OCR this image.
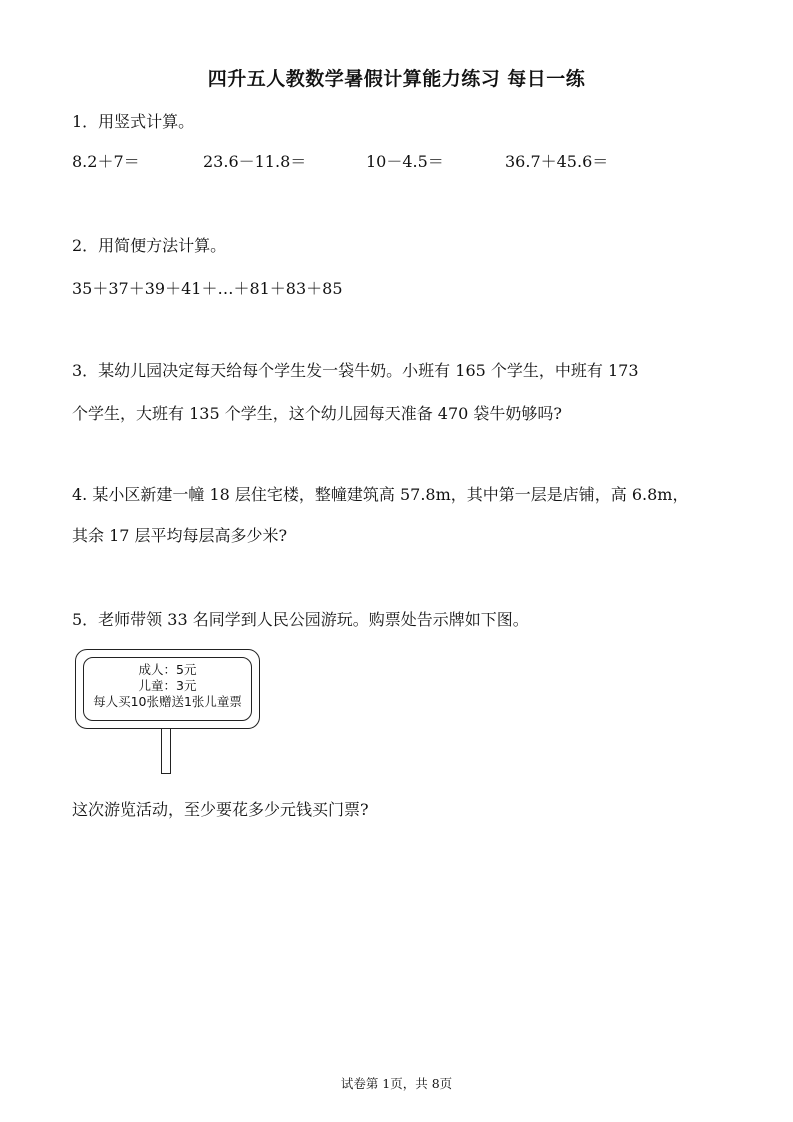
四升五人教数学暑假计算能力练习 每日一练
1．用竖式计算。
8.2＋7＝	23.6－11.8＝	10－4.5＝	36.7＋45.6＝
2．用简便方法计算。
35＋37＋39＋41＋…＋81＋83＋85
3．某幼儿园决定每天给每个学生发一袋牛奶。小班有 165 个学生，中班有 173
个学生，大班有 135 个学生，这个幼儿园每天准备 470 袋牛奶够吗?
4. 某小区新建一幢 18 层住宅楼，整幢建筑高 57.8m，其中第一层是店铺，高 6.8m，
其余 17 层平均每层高多少米?
5．老师带领 33 名同学到人民公园游玩。购票处告示牌如下图。
成人：5元
儿童：3元
每人买10张赠送1张儿童票
这次游览活动，至少要花多少元钱买门票?
试卷第 1页，共 8页
